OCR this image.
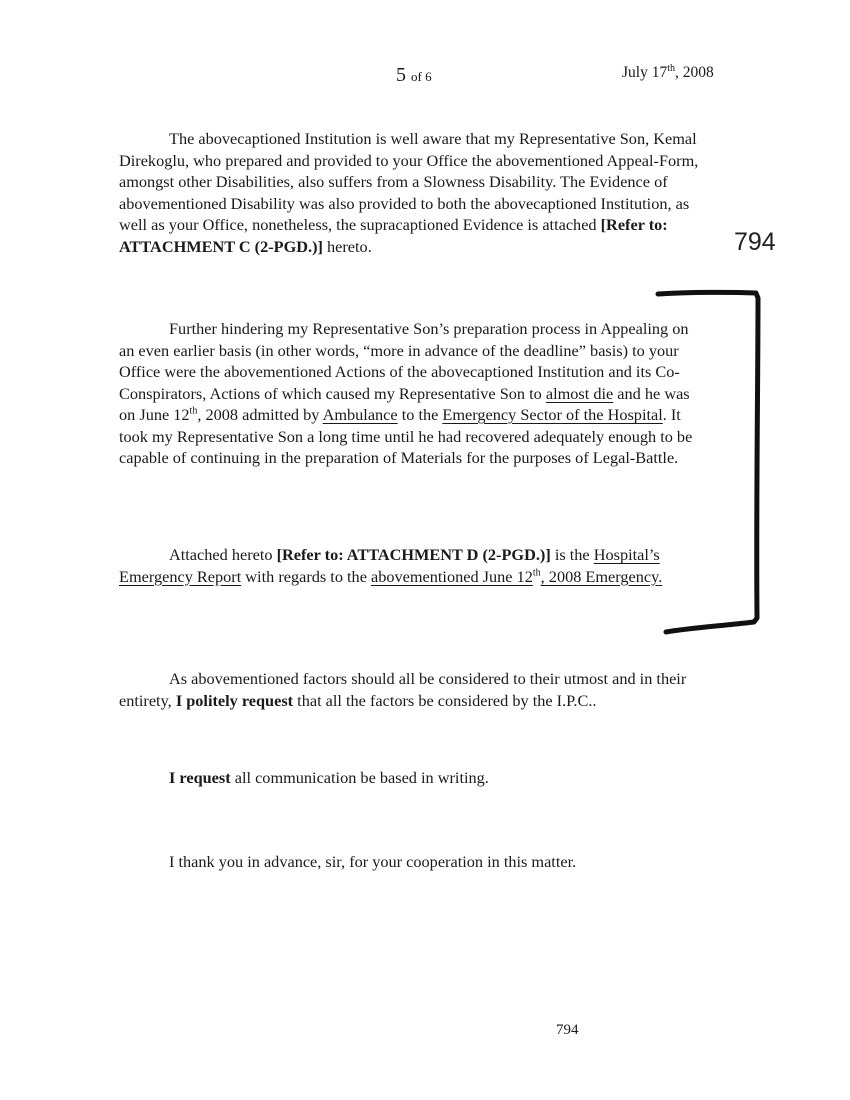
5 of 6	July 17th, 2008
794

The abovecaptioned Institution is well aware that my Representative Son, Kemal Direkoglu, who prepared and provided to your Office the abovementioned Appeal-Form, amongst other Disabilities, also suffers from a Slowness Disability. The Evidence of abovementioned Disability was also provided to both the abovecaptioned Institution, as well as your Office, nonetheless, the supracaptioned Evidence is attached [Refer to: ATTACHMENT C (2-PGD.)] hereto.

Further hindering my Representative Son’s preparation process in Appealing on an even earlier basis (in other words, “more in advance of the deadline” basis) to your Office were the abovementioned Actions of the abovecaptioned Institution and its Co-Conspirators, Actions of which caused my Representative Son to almost die and he was on June 12th, 2008 admitted by Ambulance to the Emergency Sector of the Hospital. It took my Representative Son a long time until he had recovered adequately enough to be capable of continuing in the preparation of Materials for the purposes of Legal-Battle.

Attached hereto [Refer to: ATTACHMENT D (2-PGD.)] is the Hospital’s Emergency Report with regards to the abovementioned June 12th, 2008 Emergency.

As abovementioned factors should all be considered to their utmost and in their entirety, I politely request that all the factors be considered by the I.P.C..

I request all communication be based in writing.

I thank you in advance, sir, for your cooperation in this matter.

794
